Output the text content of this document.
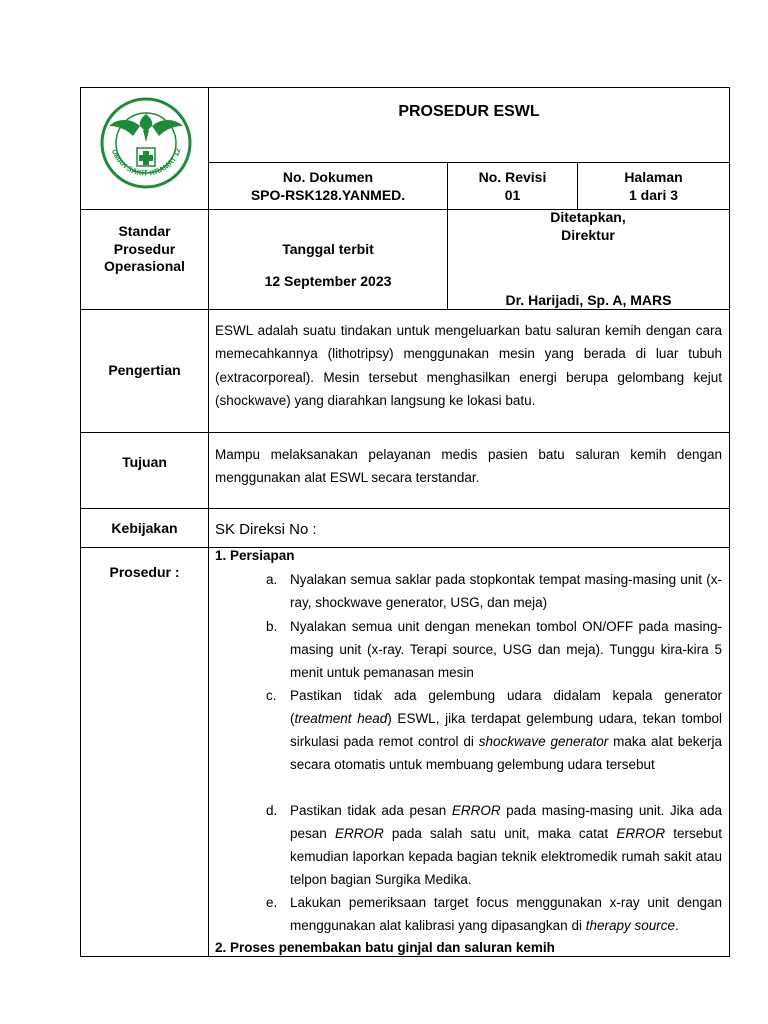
UMAH SAKIT KRAMAT 12
PROSEDUR ESWL
No. Dokumen
SPO-RSK128.YANMED.
No. Revisi
01
Halaman
1 dari 3
Standar
Prosedur
Operasional
Tanggal terbit
12 September 2023
Ditetapkan,
Direktur
Dr. Harijadi, Sp. A, MARS
Pengertian
ESWL adalah suatu tindakan untuk mengeluarkan batu saluran kemih dengan cara memecahkannya (lithotripsy) menggunakan mesin yang berada di luar tubuh (extracorporeal). Mesin tersebut menghasilkan energi berupa gelombang kejut (shockwave) yang diarahkan langsung ke lokasi batu.
Tujuan	Mampu melaksanakan pelayanan medis pasien batu saluran kemih dengan menggunakan alat ESWL secara terstandar.
Kebijakan	SK Direksi No :
Prosedur :
1. Persiapan
a. Nyalakan semua saklar pada stopkontak tempat masing-masing unit (x-ray, shockwave generator, USG, dan meja)
b. Nyalakan semua unit dengan menekan tombol ON/OFF pada masing-masing unit (x-ray. Terapi source, USG dan meja). Tunggu kira-kira 5 menit untuk pemanasan mesin
c. Pastikan tidak ada gelembung udara didalam kepala generator (treatment head) ESWL, jika terdapat gelembung udara, tekan tombol sirkulasi pada remot control di shockwave generator maka alat bekerja secara otomatis untuk membuang gelembung udara tersebut
d. Pastikan tidak ada pesan ERROR pada masing-masing unit. Jika ada pesan ERROR pada salah satu unit, maka catat ERROR tersebut kemudian laporkan kepada bagian teknik elektromedik rumah sakit atau telpon bagian Surgika Medika.
e. Lakukan pemeriksaan target focus menggunakan x-ray unit dengan menggunakan alat kalibrasi yang dipasangkan di therapy source.
2. Proses penembakan batu ginjal dan saluran kemih
